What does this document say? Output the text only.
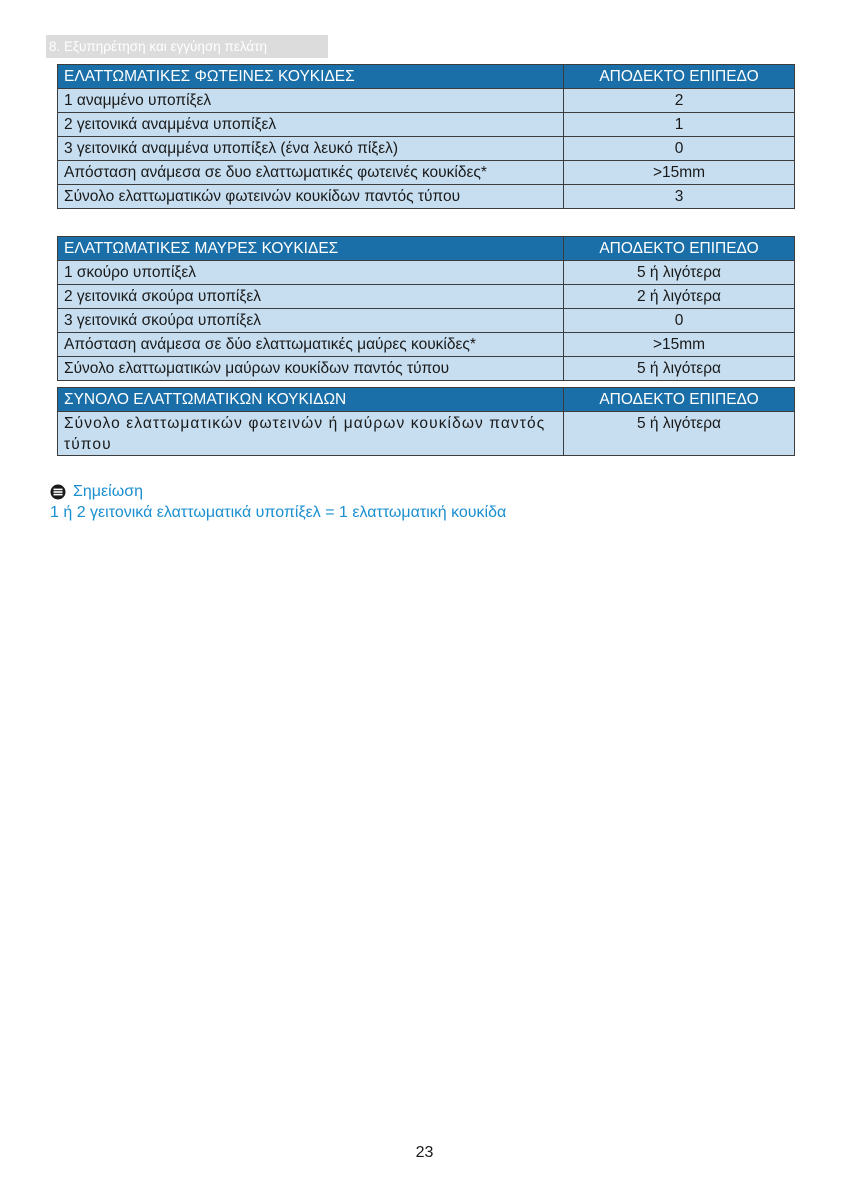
8. Εξυπηρέτηση και εγγύηση πελάτη
ΕΛΑΤΤΩΜΑΤΙΚΕΣ ΦΩΤΕΙΝΕΣ ΚΟΥΚΙΔΕΣ	ΑΠΟΔΕΚΤΟ ΕΠΙΠΕΔΟ
1 αναμμένο υποπίξελ	2
2 γειτονικά αναμμένα υποπίξελ	1
3 γειτονικά αναμμένα υποπίξελ (ένα λευκό πίξελ)	0
Απόσταση ανάμεσα σε δυο ελαττωματικές φωτεινές κουκίδες*	>15mm
Σύνολο ελαττωματικών φωτεινών κουκίδων παντός τύπου	3
ΕΛΑΤΤΩΜΑΤΙΚΕΣ ΜΑΥΡΕΣ ΚΟΥΚΙΔΕΣ	ΑΠΟΔΕΚΤΟ ΕΠΙΠΕΔΟ
1 σκούρο υποπίξελ	5 ή λιγότερα
2 γειτονικά σκούρα υποπίξελ	2 ή λιγότερα
3 γειτονικά σκούρα υποπίξελ	0
Απόσταση ανάμεσα σε δύο ελαττωματικές μαύρες κουκίδες*	>15mm
Σύνολο ελαττωματικών μαύρων κουκίδων παντός τύπου	5 ή λιγότερα
ΣΥΝΟΛΟ ΕΛΑΤΤΩΜΑΤΙΚΩΝ ΚΟΥΚΙΔΩΝ	ΑΠΟΔΕΚΤΟ ΕΠΙΠΕΔΟ
Σύνολο ελαττωματικών φωτεινών ή μαύρων κουκίδων παντός τύπου	5 ή λιγότερα
Σημείωση
1 ή 2 γειτονικά ελαττωματικά υποπίξελ = 1 ελαττωματική κουκίδα
23
